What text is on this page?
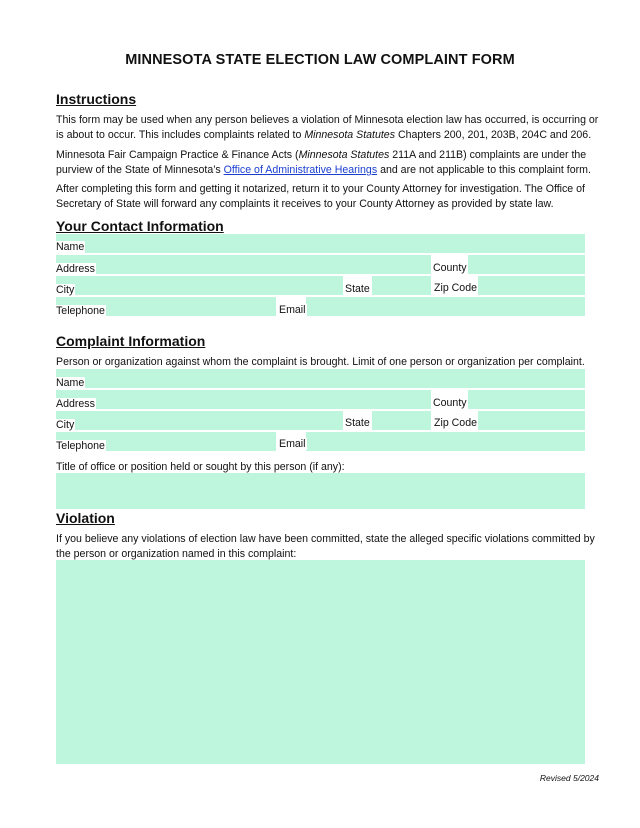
MINNESOTA STATE ELECTION LAW COMPLAINT FORM
Instructions
This form may be used when any person believes a violation of Minnesota election law has occurred, is occurring or is about to occur. This includes complaints related to Minnesota Statutes Chapters 200, 201, 203B, 204C and 206.
Minnesota Fair Campaign Practice & Finance Acts (Minnesota Statutes 211A and 211B) complaints are under the purview of the State of Minnesota’s Office of Administrative Hearings and are not applicable to this complaint form.
After completing this form and getting it notarized, return it to your County Attorney for investigation. The Office of Secretary of State will forward any complaints it receives to your County Attorney as provided by state law.
Your Contact Information
Name
Address	County
City	State	Zip Code
Telephone	Email
Complaint Information
Person or organization against whom the complaint is brought. Limit of one person or organization per complaint.
Name
Address	County
City	State	Zip Code
Telephone	Email
Title of office or position held or sought by this person (if any):
Violation
If you believe any violations of election law have been committed, state the alleged specific violations committed by the person or organization named in this complaint:
Revised 5/2024
